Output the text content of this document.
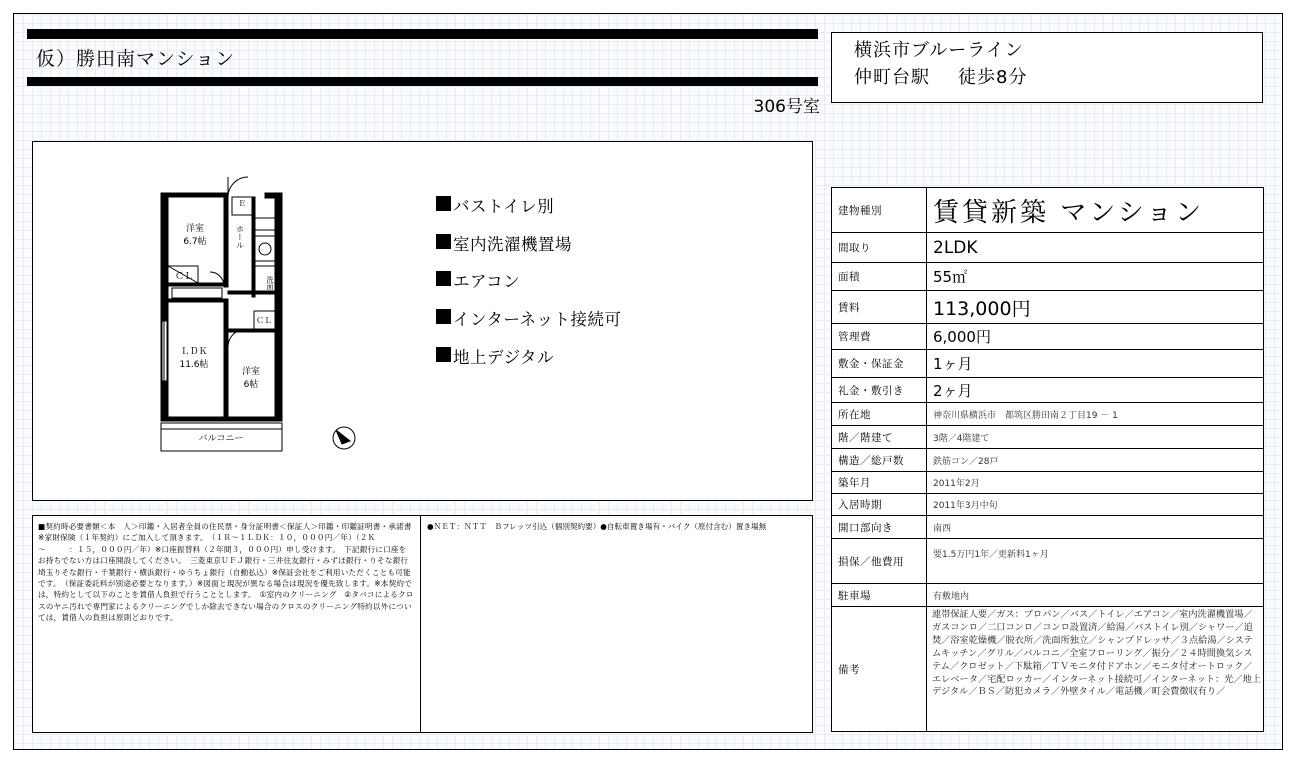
仮）勝田南マンション
306号室
横浜市ブルーライン
仲町台駅 徒歩8分
洋室
6.7帖
ＣＬ
Ｅ
ホール
洗面
ＣＬ
ＬＤＫ
11.6帖
洋室
6帖
バルコニー
バストイレ別
室内洗濯機置場
エアコン
インターネット接続可
地上デジタル
■契約時必要書類＜本　人＞印鑑・入居者全員の住民票・身分証明書＜保証人＞印鑑・印鑑証明書・承諾書※家財保険（１年契約）にご加入して頂きます。　（１Ｒ～１ＬＤＫ：１０，０００円／年）（２Ｋ～　　　：１５，０００円／年）※口座振替料（２年間３，０００円）申し受けます。　下記銀行に口座をお持ちでない方は口座開設してください。　三菱東京ＵＦＪ銀行・三井住友銀行・みずほ銀行・りそな銀行　埼玉りそな銀行・千葉銀行・横浜銀行・ゆうちょ銀行（自動払込）※保証会社をご利用いただくことも可能です。　（保証委託料が別途必要となります。）※図面と現況が異なる場合は現況を優先致します。※本契約では，特約として以下のことを賃借人負担で行うこととします。　①室内のクリーニング　②タバコによるクロスのヤニ汚れで専門家によるクリーニングでしか除去できない場合のクロスのクリーニング特約以外については，賃借人の負担は原則どおりです。
●ＮＥＴ：ＮＴＴ　Ｂフレッツ引込（個別契約要）●自転車置き場有・バイク（原付含む）置き場無
建物種別	賃貸新築 マンション
間取り	2LDK
面積	55㎡
賃料	113,000円
管理費	6,000円
敷金・保証金	1ヶ月
礼金・敷引き	2ヶ月
所在地	神奈川県横浜市　都筑区勝田南２丁目19 － 1
階／階建て	3階／4階建て
構造／総戸数	鉄筋コン／28戸
築年月	2011年2月
入居時期	2011年3月中旬
開口部向き	南西
損保／他費用	要1.5万円1年／更新料1ヶ月
駐車場	有敷地内
備考	連帯保証人要／ガス：プロパン／バス／トイレ／エアコン／室内洗濯機置場／ガスコンロ／二口コンロ／コンロ設置済／給湯／バストイレ別／シャワー／追焚／浴室乾燥機／脱衣所／洗面所独立／シャンプドレッサ／３点給湯／システムキッチン／グリル／バルコニ／全室フローリング／振分／２４時間換気システム／クロゼット／下駄箱／ＴＶモニタ付ドアホン／モニタ付オートロック／エレベータ／宅配ロッカー／インターネット接続可／インターネット：光／地上デジタル／ＢＳ／防犯カメラ／外壁タイル／電話機／町会費徴収有り／
